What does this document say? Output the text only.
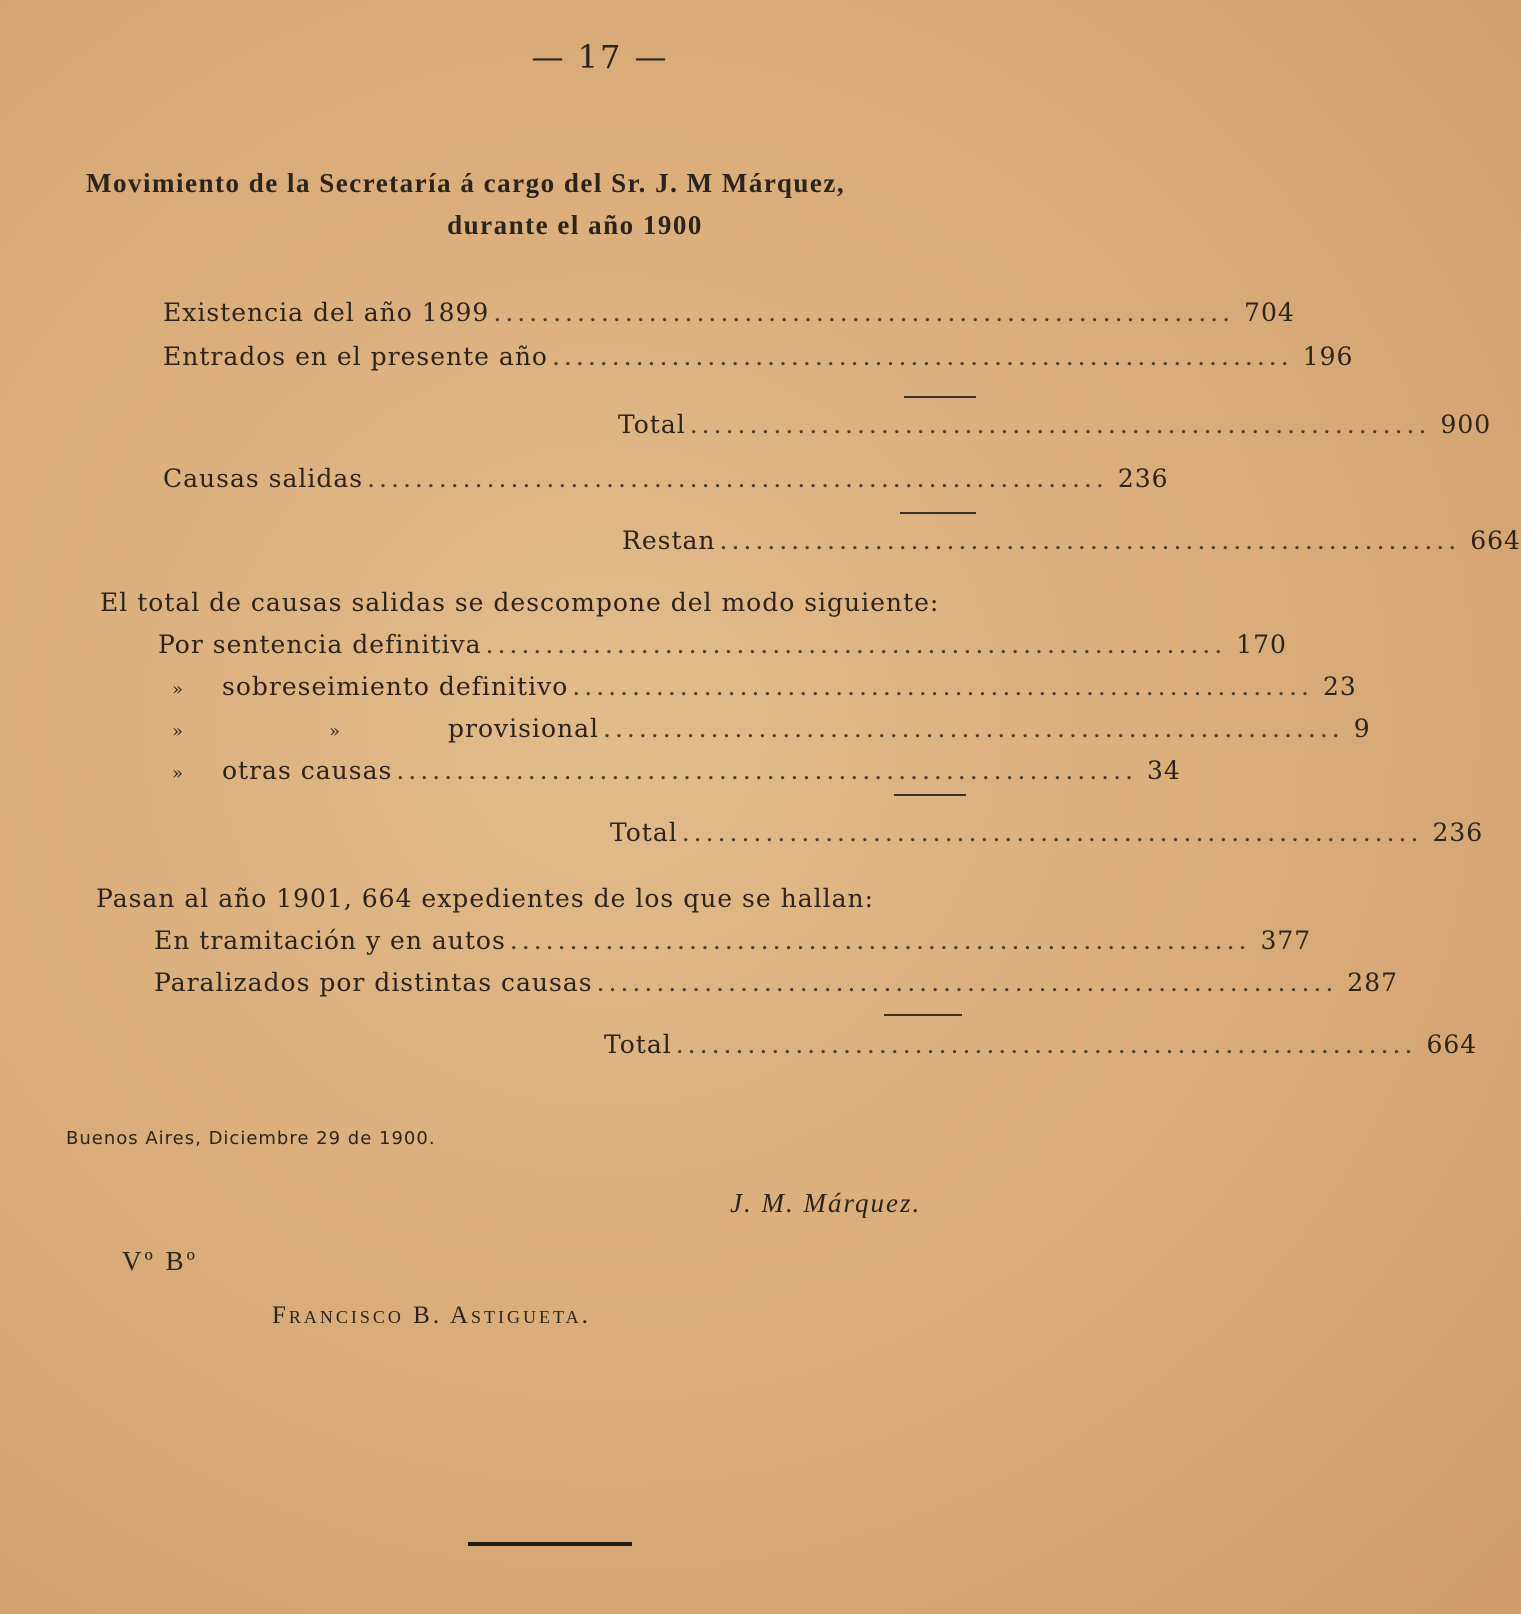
— 17 —
Movimiento de la Secretaría á cargo del Sr. J. M Márquez,
durante el año 1900
Existencia del año 1899 .............................................................. 704
Entrados en el presente año .............................................................. 196
Total .............................................................. 900
Causas salidas .............................................................. 236
Restan .............................................................. 664
El total de causas salidas se descompone del modo siguiente:
Por sentencia definitiva .............................................................. 170
» sobreseimiento definitivo .............................................................. 23
»	»	provisional .............................................................. 9
» otras causas .............................................................. 34
Total .............................................................. 236
Pasan al año 1901, 664 expedientes de los que se hallan:
En tramitación y en autos .............................................................. 377
Paralizados por distintas causas .............................................................. 287
Total .............................................................. 664
Buenos Aires, Diciembre 29 de 1900.
J. M. Márquez.
Vº Bº
Francisco B. Astigueta.
